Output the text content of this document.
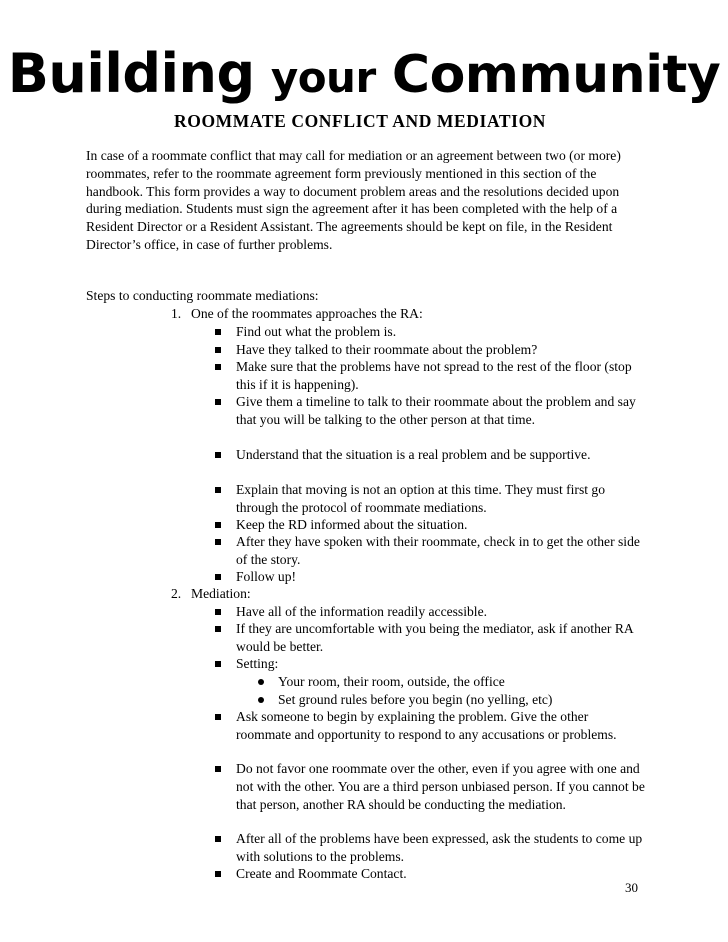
Building your Community
ROOMMATE CONFLICT AND MEDIATION
In case of a roommate conflict that may call for mediation or an agreement between two (or more) roommates, refer to the roommate agreement form previously mentioned in this section of the handbook. This form provides a way to document problem areas and the resolutions decided upon during mediation. Students must sign the agreement after it has been completed with the help of a Resident Director or a Resident Assistant. The agreements should be kept on file, in the Resident Director’s office, in case of further problems.
Steps to conducting roommate mediations:
1. One of the roommates approaches the RA:
Find out what the problem is.
Have they talked to their roommate about the problem?
Make sure that the problems have not spread to the rest of the floor (stop this if it is happening).
Give them a timeline to talk to their roommate about the problem and say that you will be talking to the other person at that time.
Understand that the situation is a real problem and be supportive.
Explain that moving is not an option at this time. They must first go through the protocol of roommate mediations.
Keep the RD informed about the situation.
After they have spoken with their roommate, check in to get the other side of the story.
Follow up!
2. Mediation:
Have all of the information readily accessible.
If they are uncomfortable with you being the mediator, ask if another RA would be better.
Setting:
Your room, their room, outside, the office
Set ground rules before you begin (no yelling, etc)
Ask someone to begin by explaining the problem. Give the other roommate and opportunity to respond to any accusations or problems.
Do not favor one roommate over the other, even if you agree with one and not with the other. You are a third person unbiased person. If you cannot be that person, another RA should be conducting the mediation.
After all of the problems have been expressed, ask the students to come up with solutions to the problems.
Create and Roommate Contact.
30
